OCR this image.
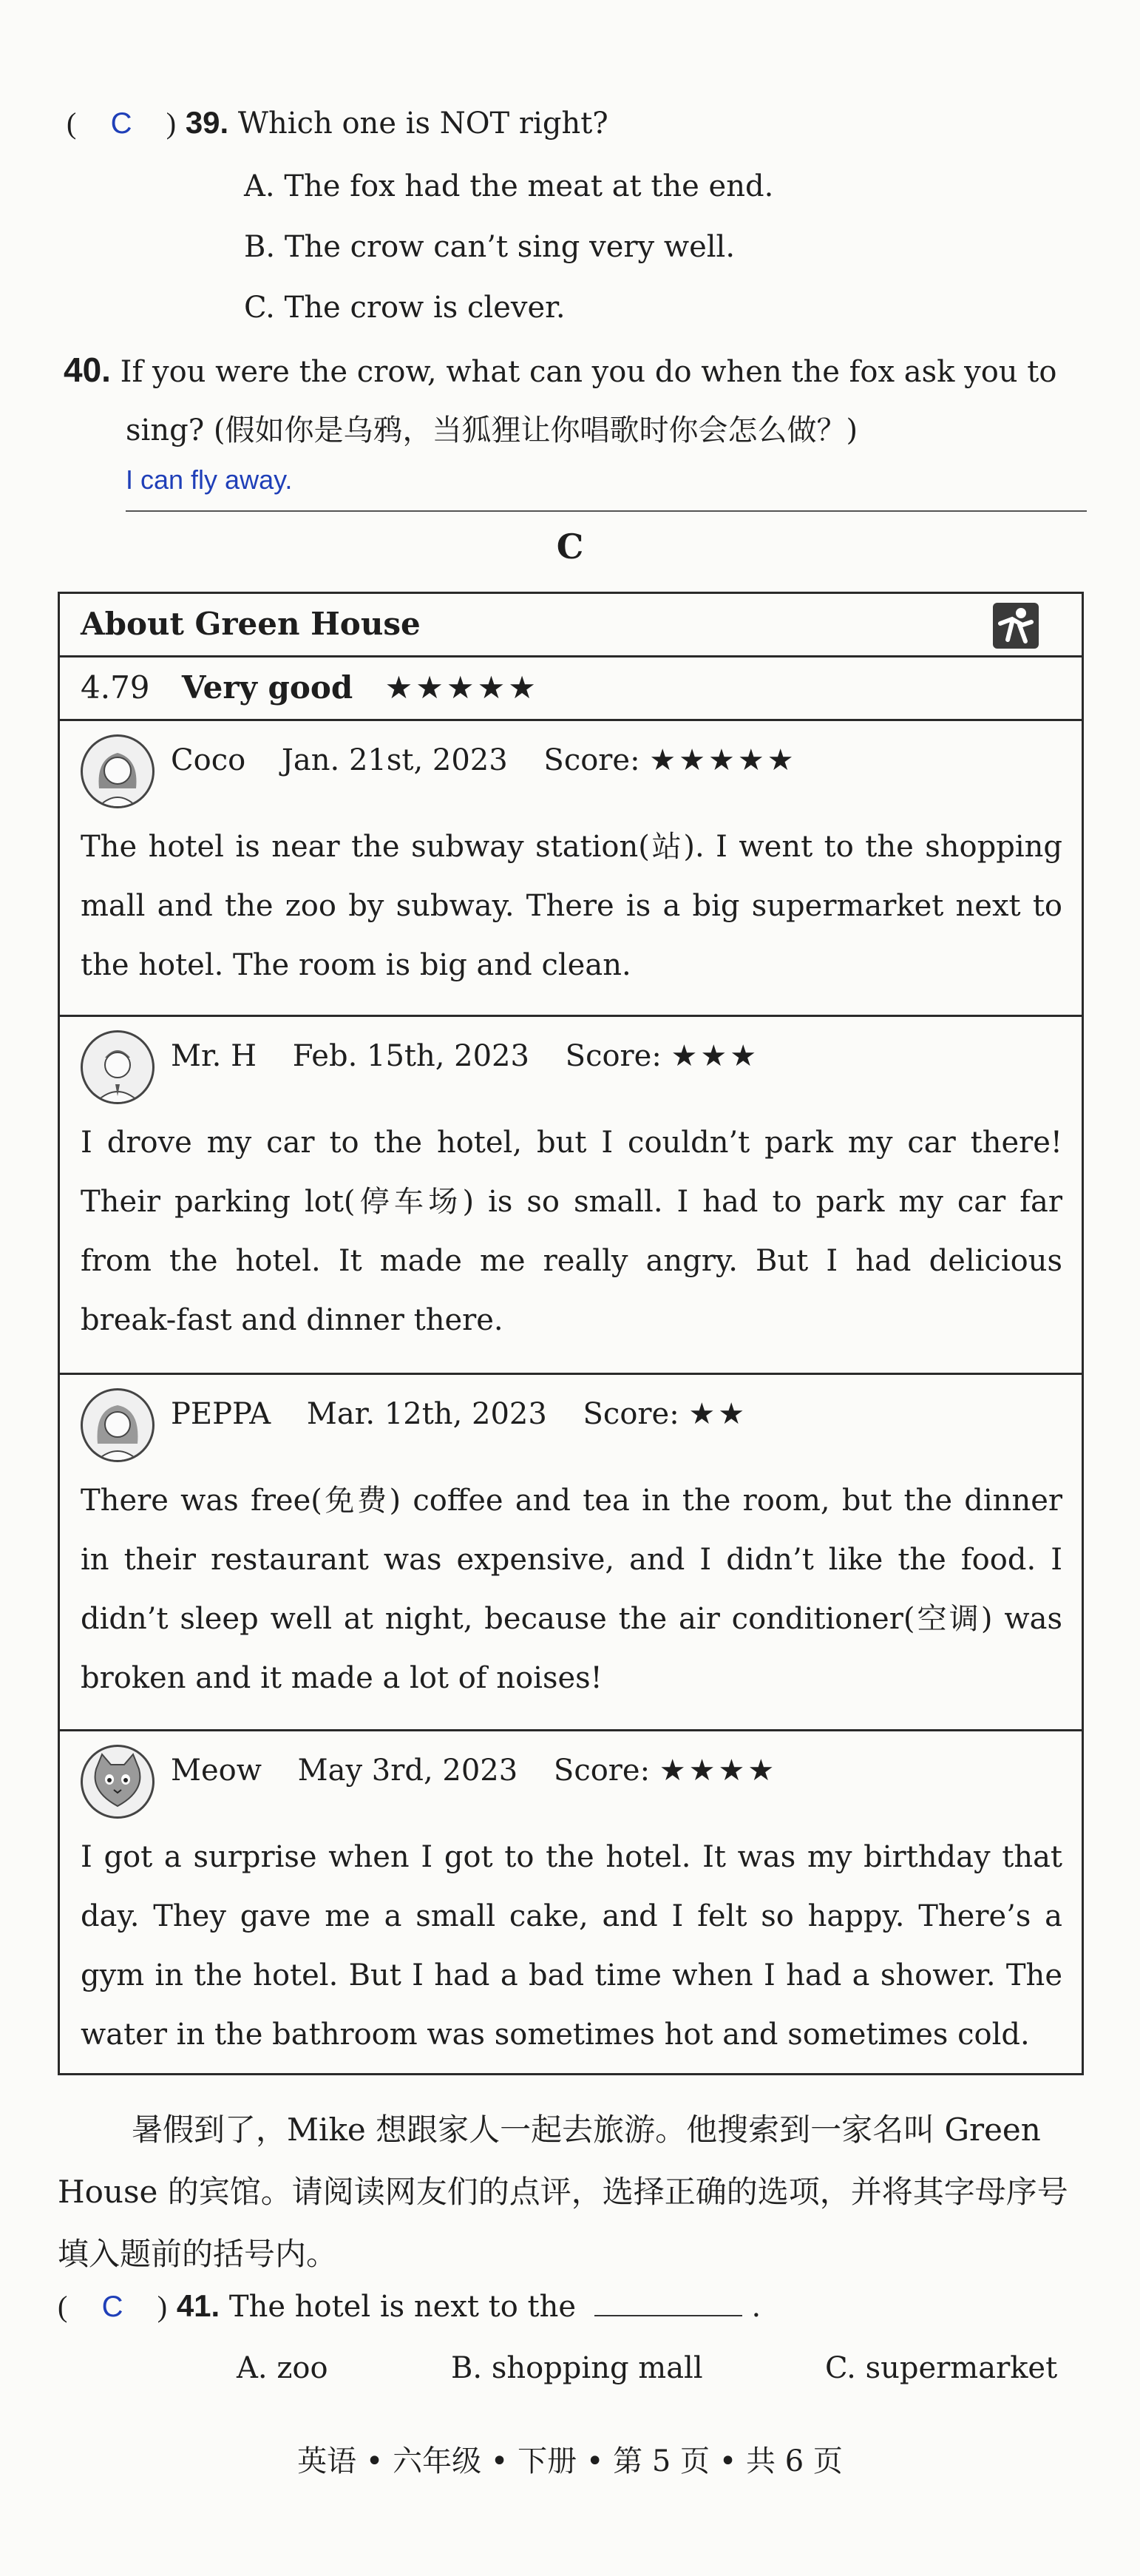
( C ) 39. Which one is NOT right?
A. The fox had the meat at the end.
B. The crow can’t sing very well.
C. The crow is clever.
40. If you were the crow, what can you do when the fox ask you to
sing? (假如你是乌鸦，当狐狸让你唱歌时你会怎么做？)
I can fly away.
C
About Green House
4.79 Very good ★★★★★
Coco Jan. 21st, 2023 Score: ★★★★★
The hotel is near the subway station(站). I went to the shopping mall and the zoo by subway. There is a big supermarket next to the hotel. The room is big and clean.
Mr. H Feb. 15th, 2023 Score: ★★★
I drove my car to the hotel, but I couldn’t park my car there! Their parking lot(停车场) is so small. I had to park my car far from the hotel. It made me really angry. But I had delicious break-fast and dinner there.
PEPPA Mar. 12th, 2023 Score: ★★
There was free(免费) coffee and tea in the room, but the dinner in their restaurant was expensive, and I didn’t like the food. I didn’t sleep well at night, because the air conditioner(空调) was broken and it made a lot of noises!
Meow May 3rd, 2023 Score: ★★★★
I got a surprise when I got to the hotel. It was my birthday that day. They gave me a small cake, and I felt so happy. There’s a gym in the hotel. But I had a bad time when I had a shower. The water in the bathroom was sometimes hot and sometimes cold.
暑假到了，Mike 想跟家人一起去旅游。他搜索到一家名叫 Green House 的宾馆。请阅读网友们的点评，选择正确的选项，并将其字母序号填入题前的括号内。
( C ) 41. The hotel is next to the	.
A. zoo	B. shopping mall	C. supermarket
英语 • 六年级 • 下册 • 第 5 页 • 共 6 页
